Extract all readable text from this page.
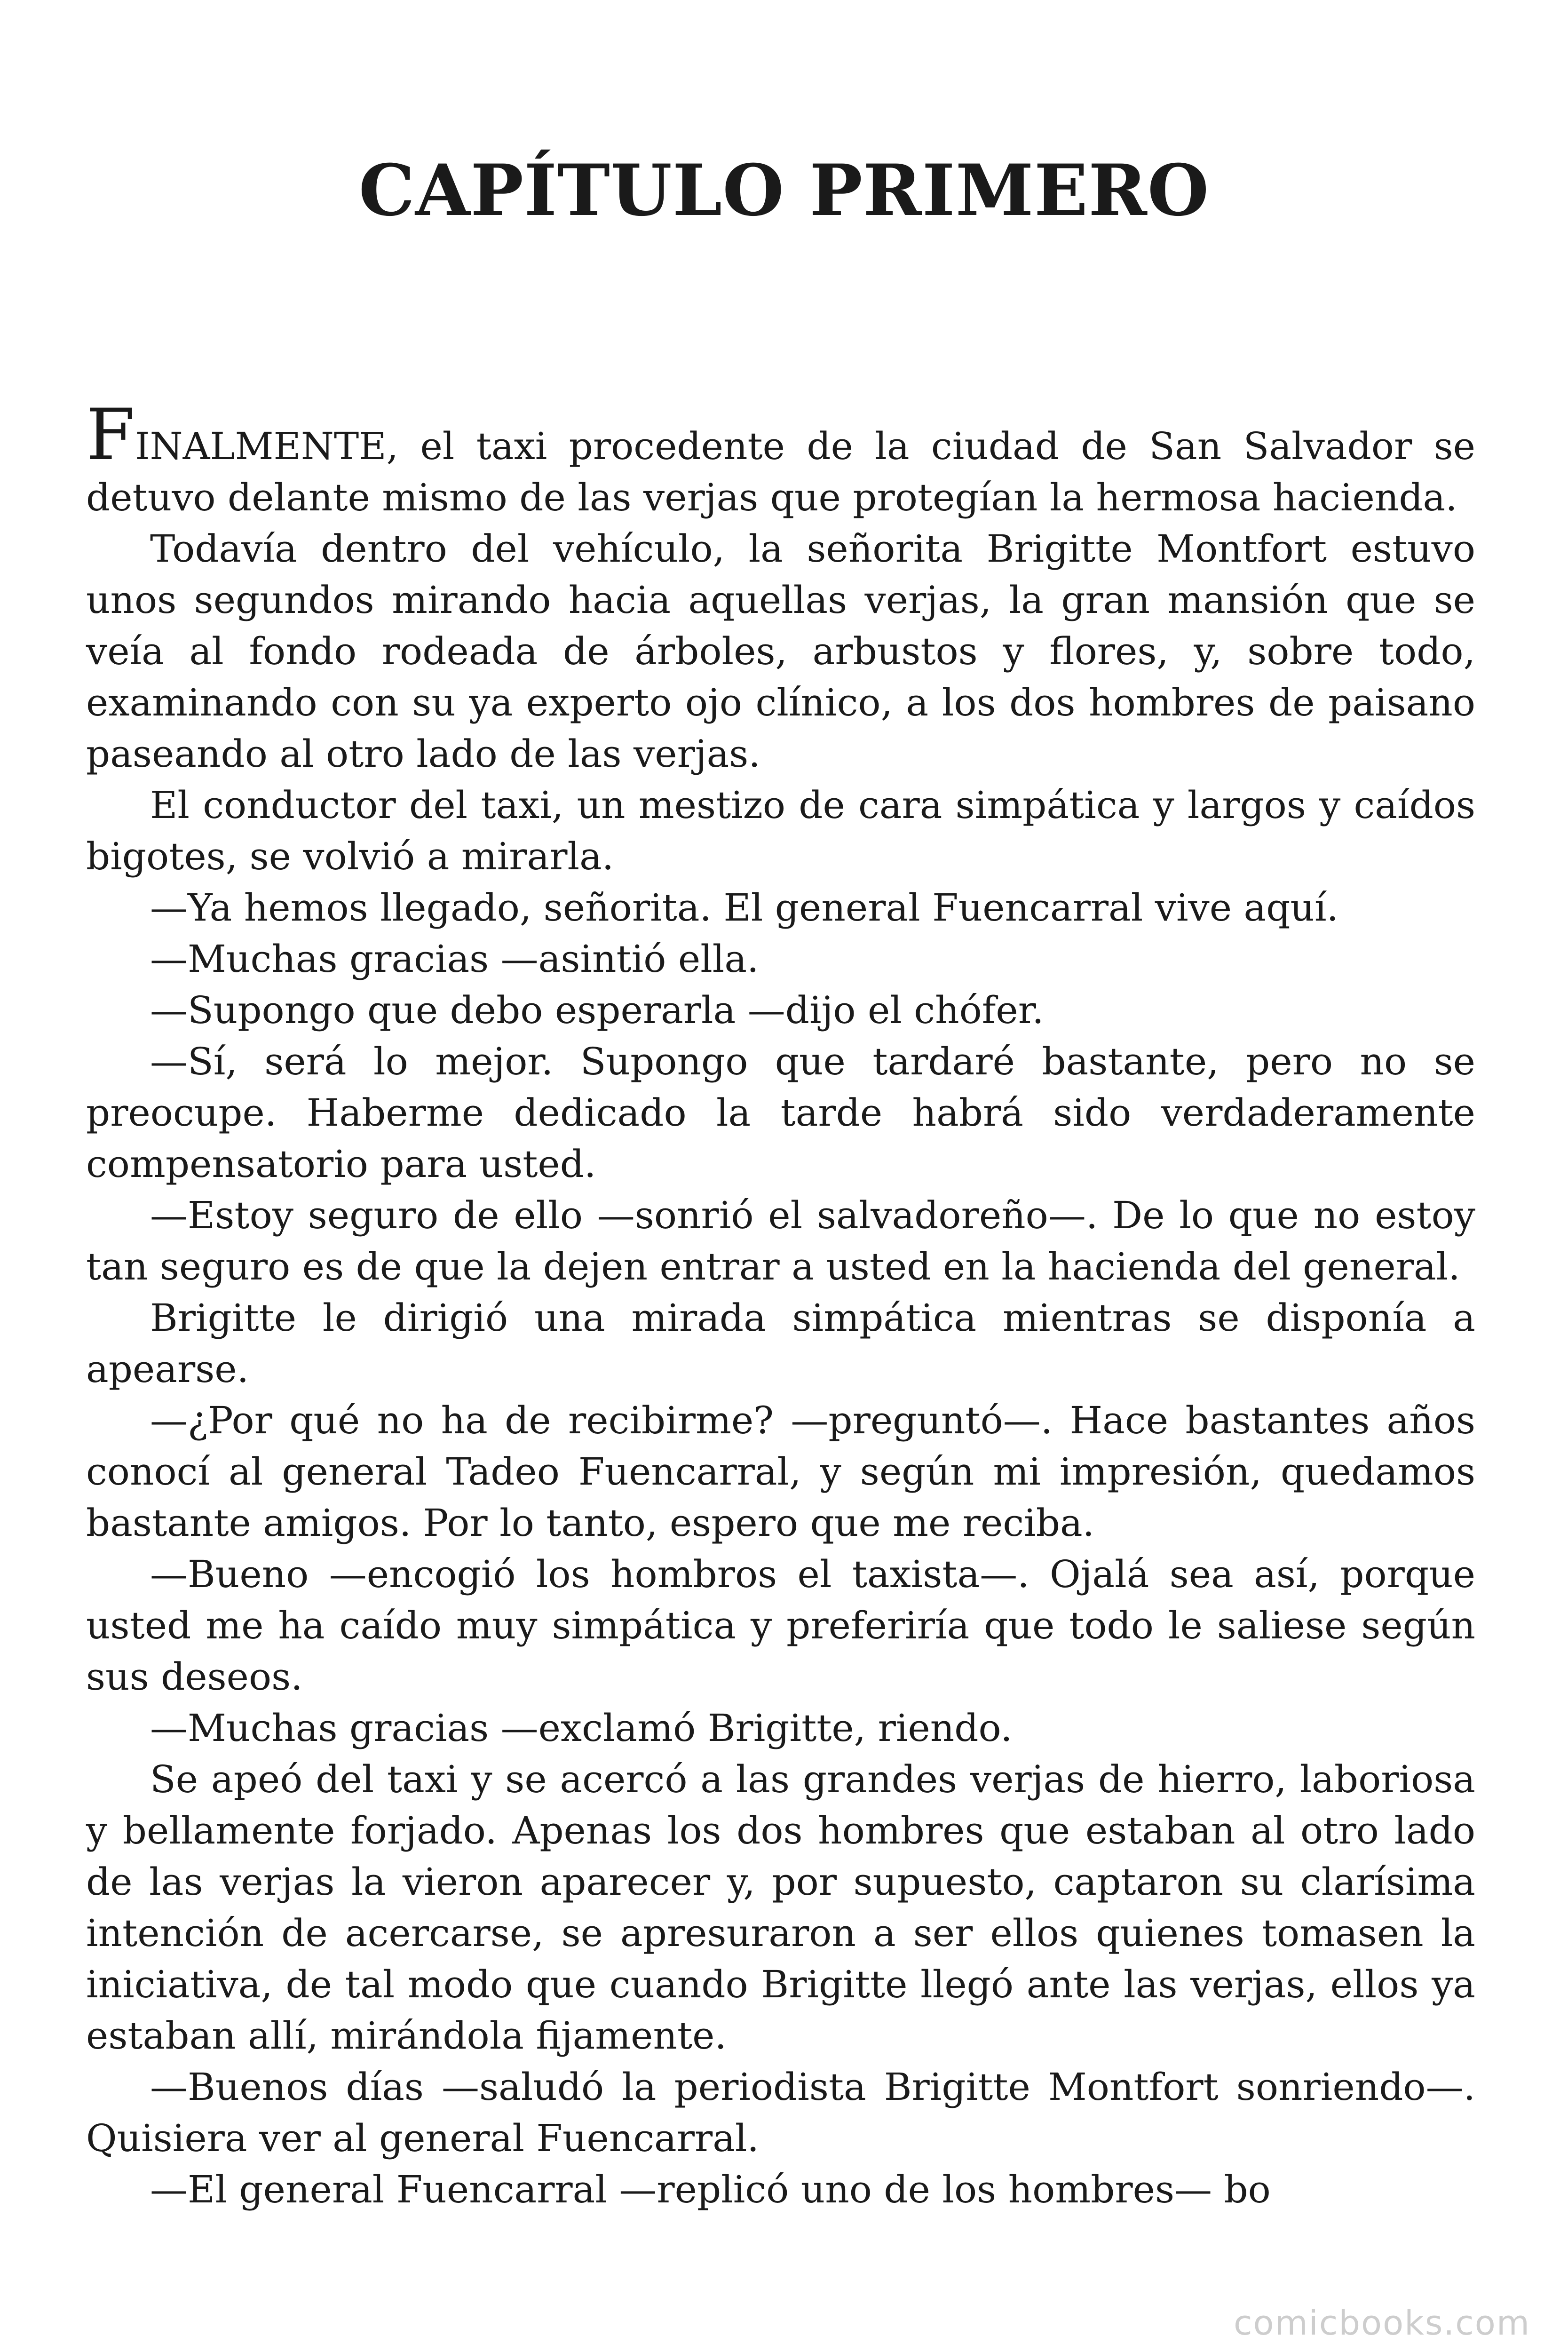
CAPÍTULO PRIMERO

FINALMENTE, el taxi procedente de la ciudad de San Salvador se detuvo delante mismo de las verjas que protegían la hermosa hacienda.

Todavía dentro del vehículo, la señorita Brigitte Montfort estuvo unos segundos mirando hacia aquellas verjas, la gran mansión que se veía al fondo rodeada de árboles, arbustos y flores, y, sobre todo, examinando con su ya experto ojo clínico, a los dos hombres de paisano paseando al otro lado de las verjas.

El conductor del taxi, un mestizo de cara simpática y largos y caídos bigotes, se volvió a mirarla.

—Ya hemos llegado, señorita. El general Fuencarral vive aquí.

—Muchas gracias —asintió ella.

—Supongo que debo esperarla —dijo el chófer.

—Sí, será lo mejor. Supongo que tardaré bastante, pero no se preocupe. Haberme dedicado la tarde habrá sido verdaderamente compensatorio para usted.

—Estoy seguro de ello —sonrió el salvadoreño—. De lo que no estoy tan seguro es de que la dejen entrar a usted en la hacienda del general.

Brigitte le dirigió una mirada simpática mientras se disponía a apearse.

—¿Por qué no ha de recibirme? —preguntó—. Hace bastantes años conocí al general Tadeo Fuencarral, y según mi impresión, quedamos bastante amigos. Por lo tanto, espero que me reciba.

—Bueno —encogió los hombros el taxista—. Ojalá sea así, porque usted me ha caído muy simpática y preferiría que todo le saliese según sus deseos.

—Muchas gracias —exclamó Brigitte, riendo.

Se apeó del taxi y se acercó a las grandes verjas de hierro, laboriosa y bellamente forjado. Apenas los dos hombres que estaban al otro lado de las verjas la vieron aparecer y, por supuesto, captaron su clarísima intención de acercarse, se apresuraron a ser ellos quienes tomasen la iniciativa, de tal modo que cuando Brigitte llegó ante las verjas, ellos ya estaban allí, mirándola fijamente.

—Buenos días —saludó la periodista Brigitte Montfort sonriendo—. Quisiera ver al general Fuencarral.

—El general Fuencarral —replicó uno de los hombres— bo

comicbooks.com
